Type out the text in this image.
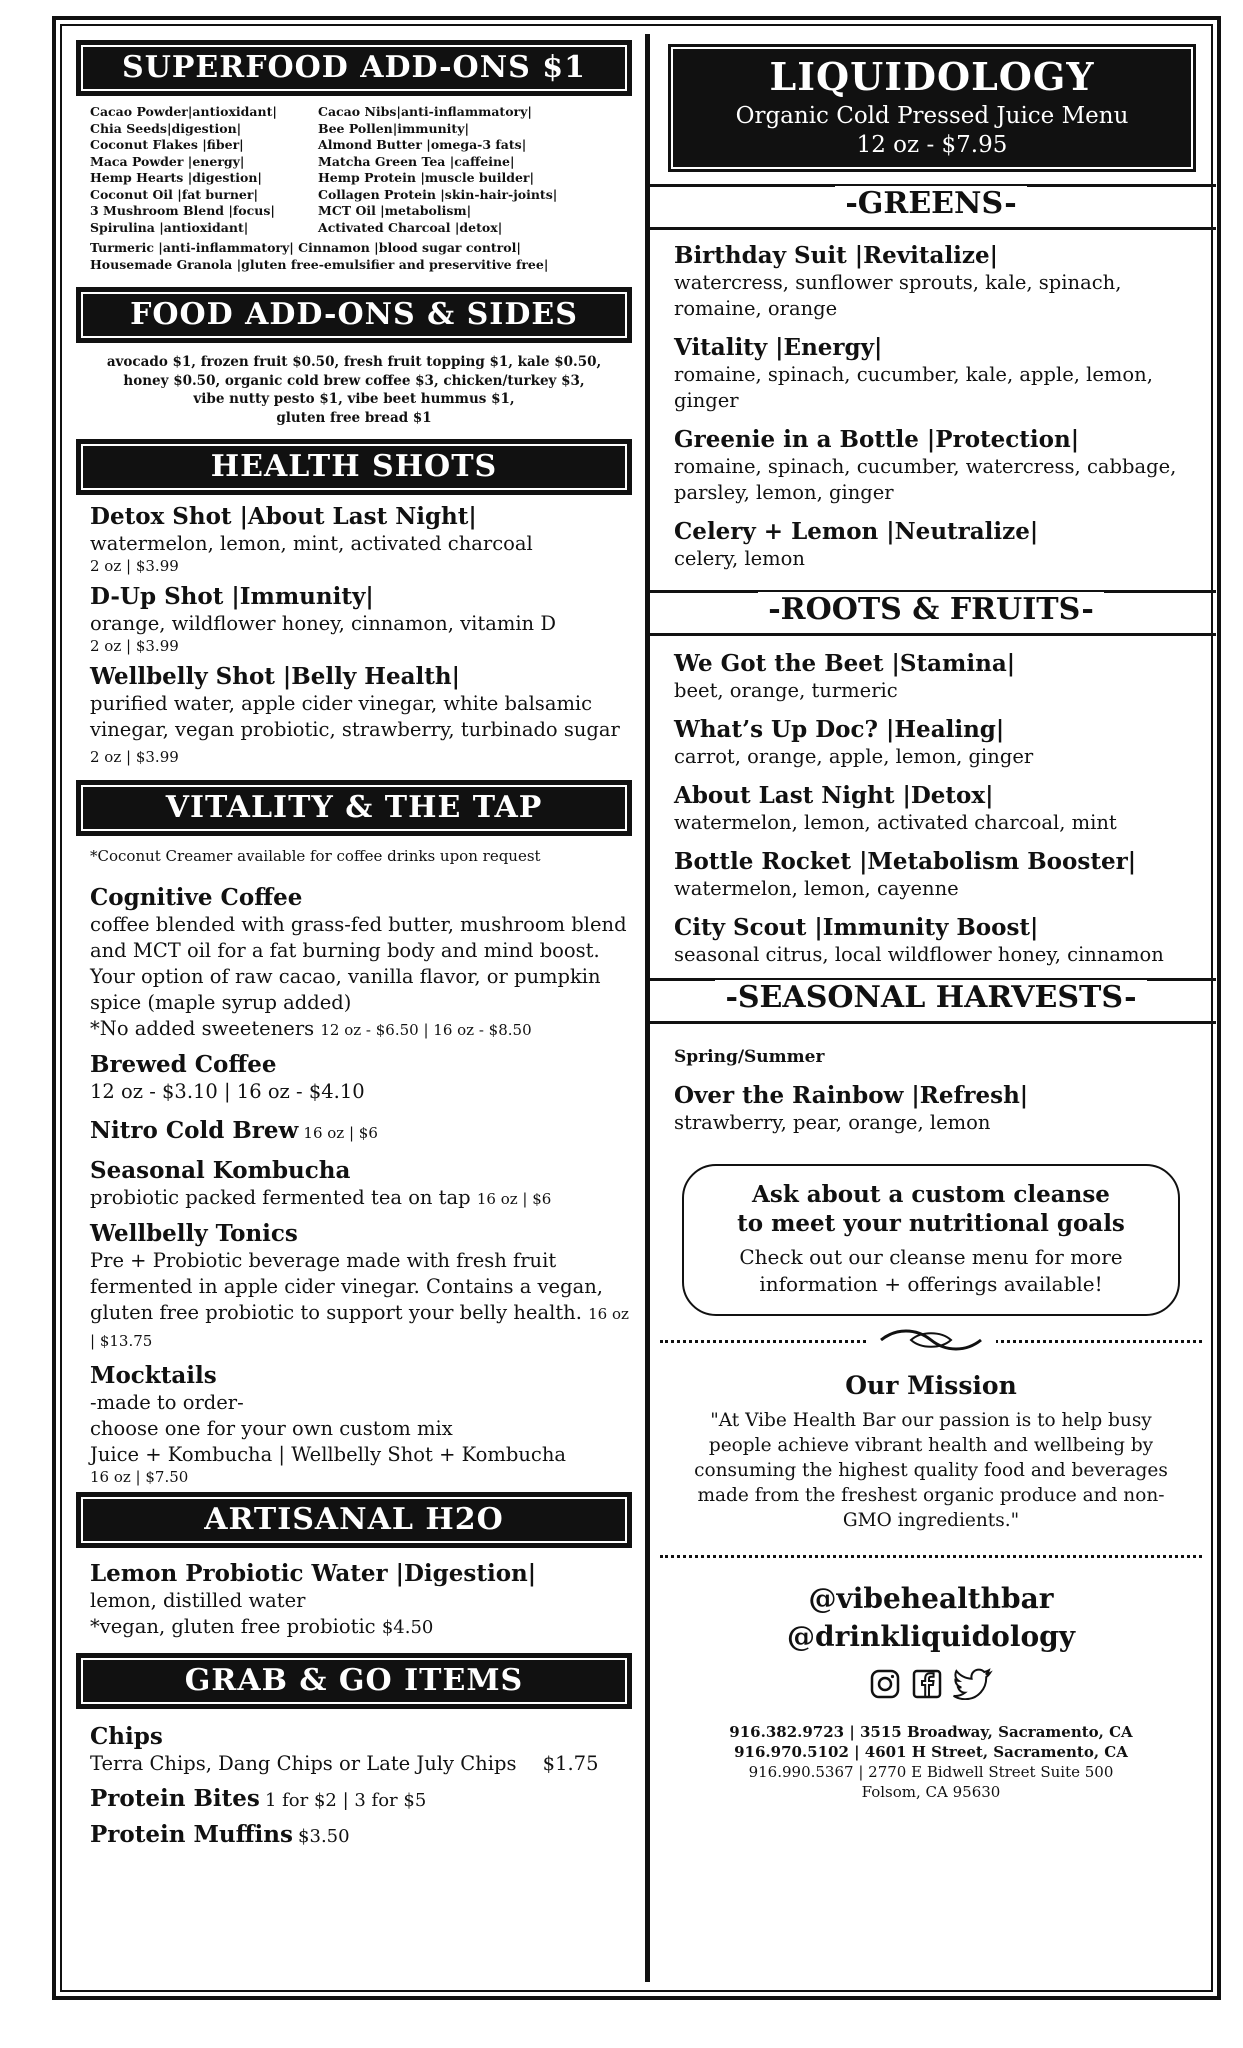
SUPERFOOD ADD-ONS $1
Cacao Powder|antioxidant|
Chia Seeds|digestion|
Coconut Flakes |fiber|
Maca Powder |energy|
Hemp Hearts |digestion|
Coconut Oil |fat burner|
3 Mushroom Blend |focus|
Spirulina |antioxidant|
Cacao Nibs|anti-inflammatory|
Bee Pollen|immunity|
Almond Butter |omega-3 fats|
Matcha Green Tea |caffeine|
Hemp Protein |muscle builder|
Collagen Protein |skin-hair-joints|
MCT Oil |metabolism|
Activated Charcoal |detox|
Turmeric |anti-inflammatory| Cinnamon |blood sugar control|
Housemade Granola |gluten free-emulsifier and preservitive free|
FOOD ADD-ONS & SIDES
avocado $1, frozen fruit $0.50, fresh fruit topping $1, kale $0.50,
honey $0.50, organic cold brew coffee $3, chicken/turkey $3,
vibe nutty pesto $1, vibe beet hummus $1,
gluten free bread $1
HEALTH SHOTS
Detox Shot |About Last Night|
watermelon, lemon, mint, activated charcoal
2 oz | $3.99
D-Up Shot |Immunity|
orange, wildflower honey, cinnamon, vitamin D
2 oz | $3.99
Wellbelly Shot |Belly Health|
purified water, apple cider vinegar, white balsamic vinegar, vegan probiotic, strawberry, turbinado sugar 2 oz | $3.99
VITALITY & THE TAP
*Coconut Creamer available for coffee drinks upon request
Cognitive Coffee
coffee blended with grass-fed butter, mushroom blend and MCT oil for a fat burning body and mind boost. Your option of raw cacao, vanilla flavor, or pumpkin spice (maple syrup added)
*No added sweeteners 12 oz - $6.50 | 16 oz - $8.50
Brewed Coffee
12 oz - $3.10 | 16 oz - $4.10
Nitro Cold Brew 16 oz | $6
Seasonal Kombucha
probiotic packed fermented tea on tap 16 oz | $6
Wellbelly Tonics
Pre + Probiotic beverage made with fresh fruit fermented in apple cider vinegar. Contains a vegan, gluten free probiotic to support your belly health. 16 oz | $13.75
Mocktails
-made to order-
choose one for your own custom mix
Juice + Kombucha | Wellbelly Shot + Kombucha
16 oz | $7.50
ARTISANAL H2O
Lemon Probiotic Water |Digestion|
lemon, distilled water
*vegan, gluten free probiotic $4.50
GRAB & GO ITEMS
Chips
Terra Chips, Dang Chips or Late July Chips $1.75
Protein Bites 1 for $2 | 3 for $5
Protein Muffins $3.50
LIQUIDOLOGY
Organic Cold Pressed Juice Menu
12 oz - $7.95
-GREENS-
Birthday Suit |Revitalize|
watercress, sunflower sprouts, kale, spinach, romaine, orange
Vitality |Energy|
romaine, spinach, cucumber, kale, apple, lemon, ginger
Greenie in a Bottle |Protection|
romaine, spinach, cucumber, watercress, cabbage, parsley, lemon, ginger
Celery + Lemon |Neutralize|
celery, lemon
-ROOTS & FRUITS-
We Got the Beet |Stamina|
beet, orange, turmeric
What’s Up Doc? |Healing|
carrot, orange, apple, lemon, ginger
About Last Night |Detox|
watermelon, lemon, activated charcoal, mint
Bottle Rocket |Metabolism Booster|
watermelon, lemon, cayenne
City Scout |Immunity Boost|
seasonal citrus, local wildflower honey, cinnamon
-SEASONAL HARVESTS-
Spring/Summer
Over the Rainbow |Refresh|
strawberry, pear, orange, lemon
Ask about a custom cleanse
to meet your nutritional goals
Check out our cleanse menu for more
information + offerings available!
Our Mission
"At Vibe Health Bar our passion is to help busy people achieve vibrant health and wellbeing by consuming the highest quality food and beverages made from the freshest organic produce and non-GMO ingredients."
@vibehealthbar
@drinkliquidology
916.382.9723 | 3515 Broadway, Sacramento, CA
916.970.5102 | 4601 H Street, Sacramento, CA
916.990.5367 | 2770 E Bidwell Street Suite 500
Folsom, CA 95630
